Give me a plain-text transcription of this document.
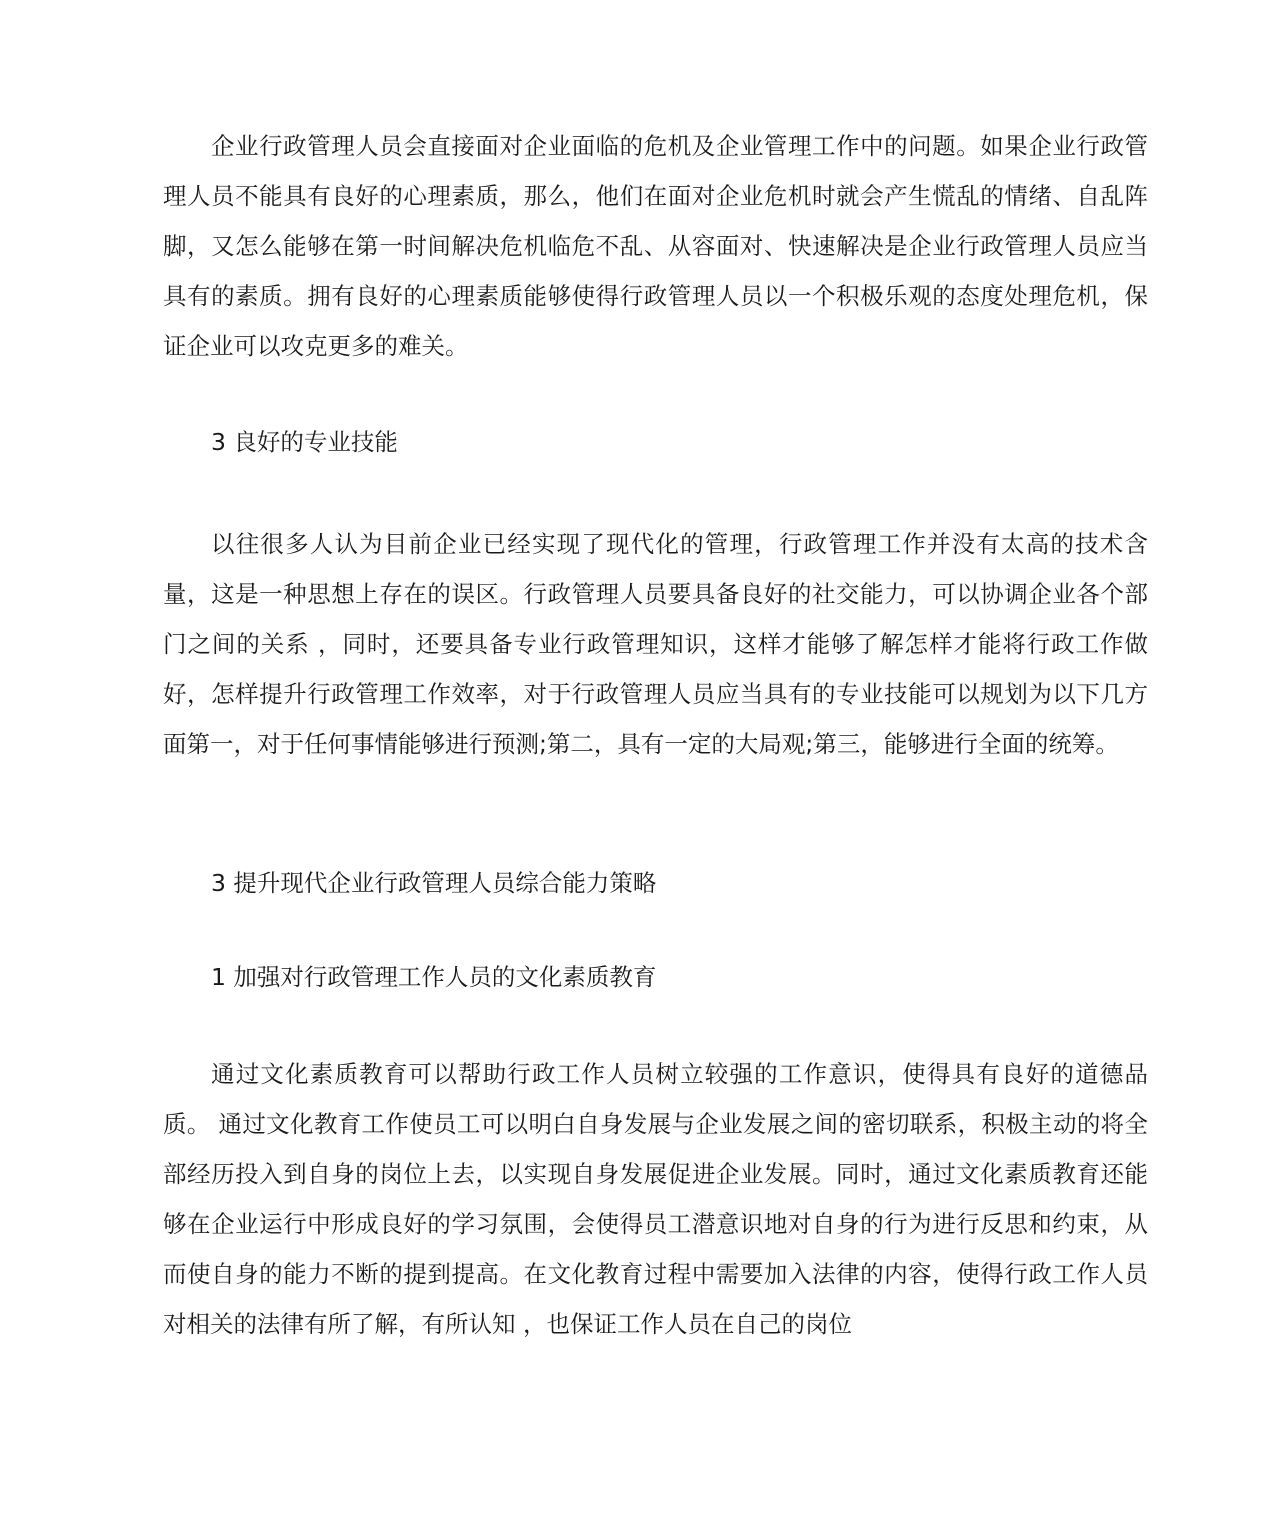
企业行政管理人员会直接面对企业面临的危机及企业管理工作中的问题。如果企业行政管理人员不能具有良好的心理素质，那么，他们在面对企业危机时就会产生慌乱的情绪、自乱阵脚，又怎么能够在第一时间解决危机临危不乱、从容面对、快速解决是企业行政管理人员应当具有的素质。拥有良好的心理素质能够使得行政管理人员以一个积极乐观的态度处理危机，保证企业可以攻克更多的难关。

3 良好的专业技能

以往很多人认为目前企业已经实现了现代化的管理，行政管理工作并没有太高的技术含量，这是一种思想上存在的误区。行政管理人员要具备良好的社交能力，可以协调企业各个部门之间的关系 ，同时，还要具备专业行政管理知识，这样才能够了解怎样才能将行政工作做好，怎样提升行政管理工作效率，对于行政管理人员应当具有的专业技能可以规划为以下几方面第一，对于任何事情能够进行预测;第二，具有一定的大局观;第三，能够进行全面的统筹。

3 提升现代企业行政管理人员综合能力策略

1 加强对行政管理工作人员的文化素质教育

通过文化素质教育可以帮助行政工作人员树立较强的工作意识，使得具有良好的道德品质。 通过文化教育工作使员工可以明白自身发展与企业发展之间的密切联系，积极主动的将全部经历投入到自身的岗位上去，以实现自身发展促进企业发展。同时，通过文化素质教育还能够在企业运行中形成良好的学习氛围，会使得员工潜意识地对自身的行为进行反思和约束，从而使自身的能力不断的提到提高。在文化教育过程中需要加入法律的内容，使得行政工作人员对相关的法律有所了解，有所认知 ，也保证工作人员在自己的岗位
